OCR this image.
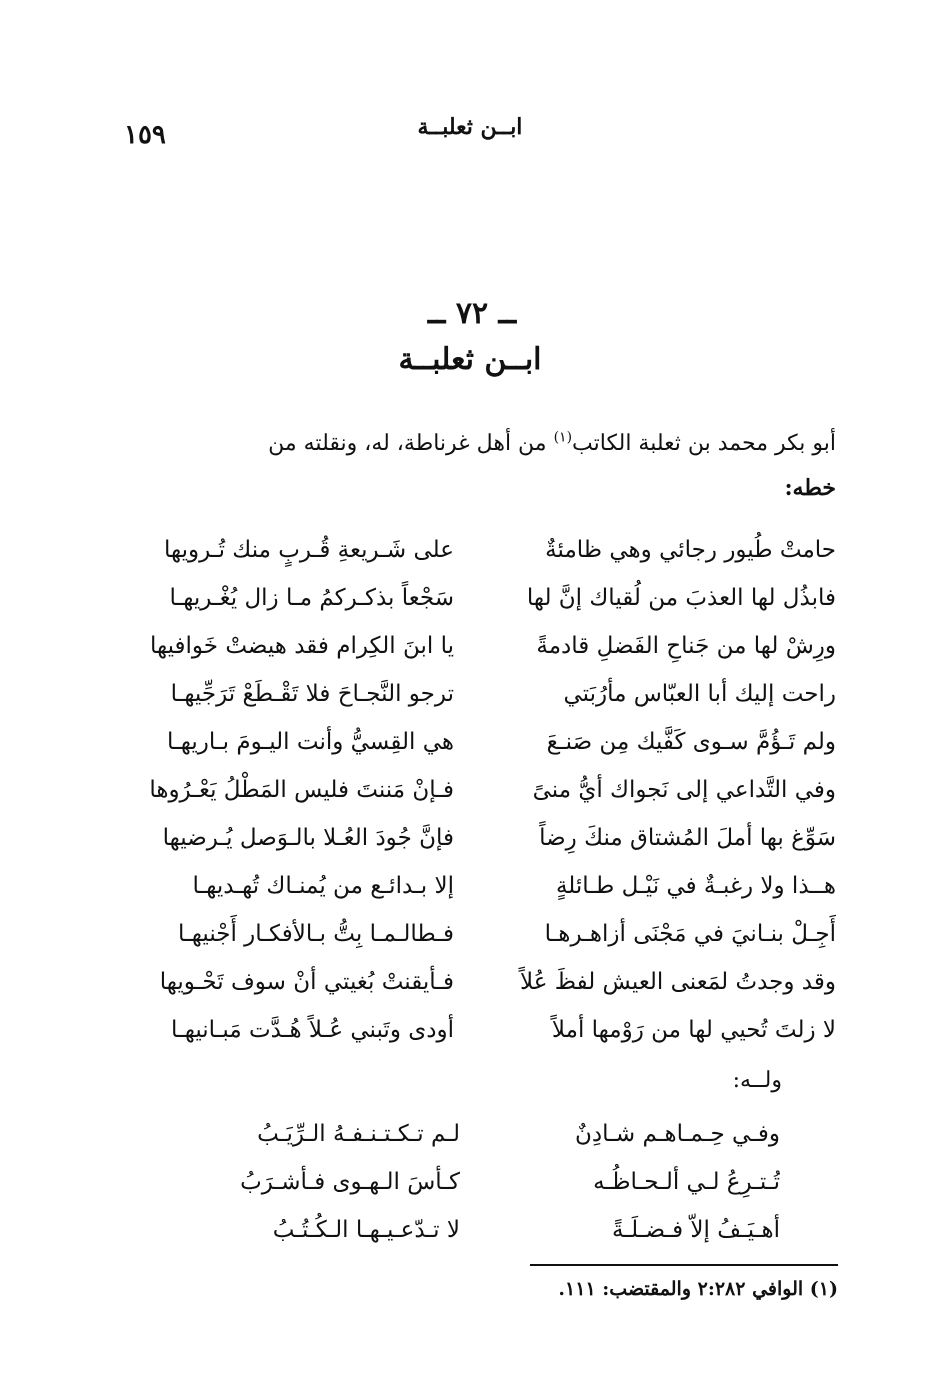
ابــن ثعلبــة
١٥٩
ــ ٧٢ ــ
ابــن ثعلبــة
أبو بكر محمد بن ثعلبة الكاتب$^{(١)}$ من أهل غرناطة، له، ونقلته من
خطه:
حامتْ طُيور رجائي وهي ظامئةٌ
على شَـريعةِ قُـربٍ منك تُـرويها
فابذُل لها العذبَ من لُقياك إنَّ لها
سَجْعاً بذكـركمُ مـا زال يُغْـريهـا
ورِشْ لها من جَناحِ الفَضلِ قادمةً
يا ابنَ الكِرام فقد هيضتْ خَوافيها
راحت إليك أبا العبّاس مأرُبَتي
ترجو النَّجـاحَ فلا تَقْـطَعْ تَرَجِّيهـا
ولم تَـؤُمَّ سـوى كَفَّيك مِن صَنـعَ
هي القِسيُّ وأنت اليـومَ بـاريهـا
وفي التَّداعي إلى نَجواك أيُّ منىً
فـإنْ مَننتَ فليس المَطْلُ يَعْـرُوها
سَوِّغ بها أملَ المُشتاق منكَ رِضاً
فإنَّ جُودَ العُـلا بالـوَصل يُـرضيها
هــذا ولا رغبـةٌ في نَيْـل طـائلةٍ
إلا بـدائـع من يُمنـاك تُهـديهـا
أَجِـلْ بنـانيَ في مَجْنَى أزاهـرهـا
فـطالـمـا بِتُّ بـالأفكـار أَجْنيهـا
وقد وجدتُ لمَعنى العيش لفظَ عُلاً
فـأيقنتْ بُغيتي أنْ سوف تَحْـويها
لا زلتَ تُحيي لها من رَوْمها أملاً
أودى وتَبني عُـلاً هُـدَّت مَبـانيهـا
ولــه:
وفـي حِـمـاهـم شـادِنٌ
لـم تـكـتـنـفـهُ الـرِّيَـبُ
تُـتـرِعُ لـي ألـحـاظُـه
كـأسَ الـهـوى فـأشـرَبُ
أهـيَـفُ إلاّ فـضـلَـةً
لا تـدّعـيـهـا الـكُـتُـبُ
(١) الوافي ٢:٢٨٢ والمقتضب: ١١١.
